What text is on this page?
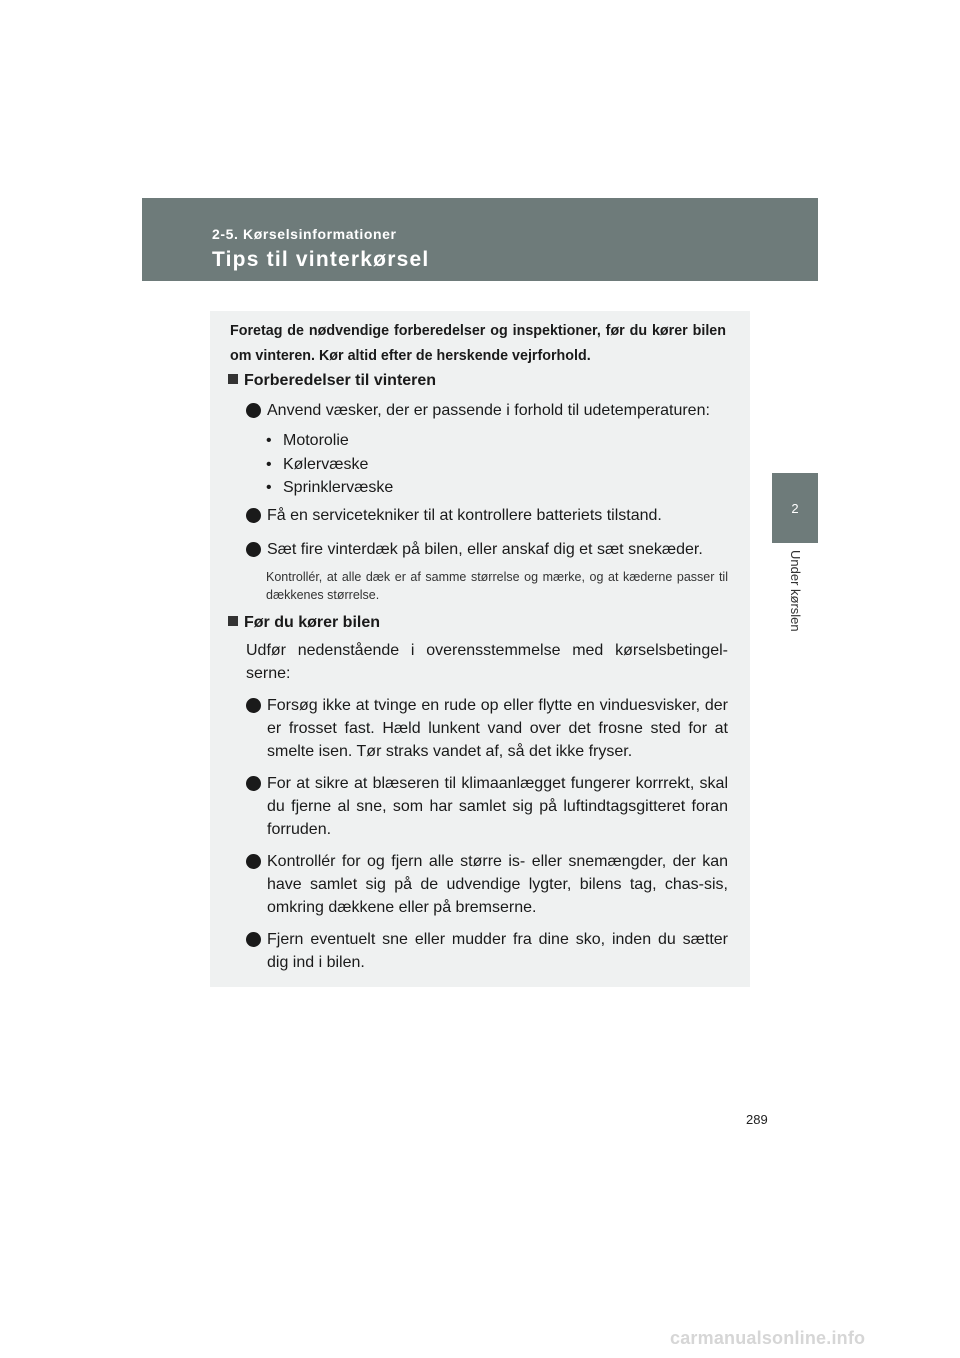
2-5. Kørselsinformationer
Tips til vinterkørsel
2
Under kørslen

Foretag de nødvendige forberedelser og inspektioner, før du kører bilen om vinteren. Kør altid efter de herskende vejrforhold.

Forberedelser til vinteren

Anvend væsker, der er passende i forhold til udetemperaturen:
• Motorolie
• Kølervæske
• Sprinklervæske
Få en servicetekniker til at kontrollere batteriets tilstand.
Sæt fire vinterdæk på bilen, eller anskaf dig et sæt snekæder.

Kontrollér, at alle dæk er af samme størrelse og mærke, og at kæderne passer til dækkenes størrelse.

Før du kører bilen

Udfør nedenstående i overensstemmelse med kørselsbetingel-serne:

Forsøg ikke at tvinge en rude op eller flytte en vinduesvisker, der er frosset fast. Hæld lunkent vand over det frosne sted for at smelte isen. Tør straks vandet af, så det ikke fryser.
For at sikre at blæseren til klimaanlægget fungerer korrrekt, skal du fjerne al sne, som har samlet sig på luftindtagsgitteret foran forruden.
Kontrollér for og fjern alle større is- eller snemængder, der kan have samlet sig på de udvendige lygter, bilens tag, chas-sis, omkring dækkene eller på bremserne.
Fjern eventuelt sne eller mudder fra dine sko, inden du sætter dig ind i bilen.
289
carmanualsonline.info
